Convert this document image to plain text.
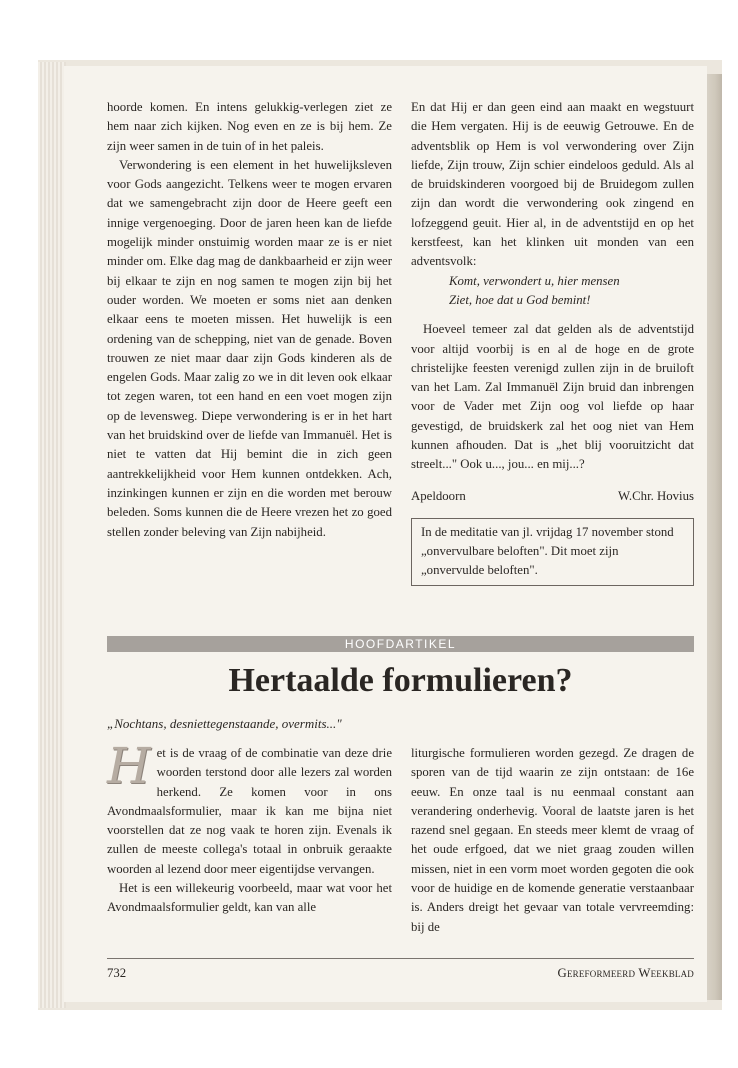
hoorde komen. En intens gelukkig-verlegen ziet ze hem naar zich kijken. Nog even en ze is bij hem. Ze zijn weer samen in de tuin of in het paleis.

Verwondering is een element in het huwelijksleven voor Gods aangezicht. Telkens weer te mogen ervaren dat we samengebracht zijn door de Heere geeft een innige vergenoeging. Door de jaren heen kan de liefde mogelijk minder onstuimig worden maar ze is er niet minder om. Elke dag mag de dankbaarheid er zijn weer bij elkaar te zijn en nog samen te mogen zijn bij het ouder worden. We moeten er soms niet aan denken elkaar eens te moeten missen. Het huwelijk is een ordening van de schepping, niet van de genade. Boven trouwen ze niet maar daar zijn Gods kinderen als de engelen Gods. Maar zalig zo we in dit leven ook elkaar tot zegen waren, tot een hand en een voet mogen zijn op de levensweg. Diepe verwondering is er in het hart van het bruidskind over de liefde van Immanuël. Het is niet te vatten dat Hij bemint die in zich geen aantrekkelijkheid voor Hem kunnen ontdekken. Ach, inzinkingen kunnen er zijn en die worden met berouw beleden. Soms kunnen die de Heere vrezen het zo goed stellen zonder beleving van Zijn nabijheid.

En dat Hij er dan geen eind aan maakt en wegstuurt die Hem vergaten. Hij is de eeuwig Getrouwe. En de adventsblik op Hem is vol verwondering over Zijn liefde, Zijn trouw, Zijn schier eindeloos geduld. Als al de bruidskinderen voorgoed bij de Bruidegom zullen zijn dan wordt die verwondering ook zingend en lofzeggend geuit. Hier al, in de adventstijd en op het kerstfeest, kan het klinken uit monden van een adventsvolk:

Komt, verwondert u, hier mensen
Ziet, hoe dat u God bemint!

Hoeveel temeer zal dat gelden als de adventstijd voor altijd voorbij is en al de hoge en de grote christelijke feesten verenigd zullen zijn in de bruiloft van het Lam. Zal Immanuël Zijn bruid dan inbrengen voor de Vader met Zijn oog vol liefde op haar gevestigd, de bruidskerk zal het oog niet van Hem kunnen afhouden. Dat is „het blij vooruitzicht dat streelt..." Ook u..., jou... en mij...?

Apeldoorn	W.Chr. Hovius
In de meditatie van jl. vrijdag 17 november stond „onvervulbare beloften". Dit moet zijn „onvervulde beloften".
HOOFDARTIKEL
Hertaalde formulieren?
„Nochtans, desniettegenstaande, overmits..."

Het is de vraag of de combinatie van deze drie woorden terstond door alle lezers zal worden herkend. Ze komen voor in ons Avondmaalsformulier, maar ik kan me bijna niet voorstellen dat ze nog vaak te horen zijn. Evenals ik zullen de meeste collega's totaal in onbruik geraakte woorden al lezend door meer eigentijdse vervangen.

Het is een willekeurig voorbeeld, maar wat voor het Avondmaalsformulier geldt, kan van alle

liturgische formulieren worden gezegd. Ze dragen de sporen van de tijd waarin ze zijn ontstaan: de 16e eeuw. En onze taal is nu eenmaal constant aan verandering onderhevig. Vooral de laatste jaren is het razend snel gegaan. En steeds meer klemt de vraag of het oude erfgoed, dat we niet graag zouden willen missen, niet in een vorm moet worden gegoten die ook voor de huidige en de komende generatie verstaanbaar is. Anders dreigt het gevaar van totale vervreemding: bij de

732	Gereformeerd Weekblad
